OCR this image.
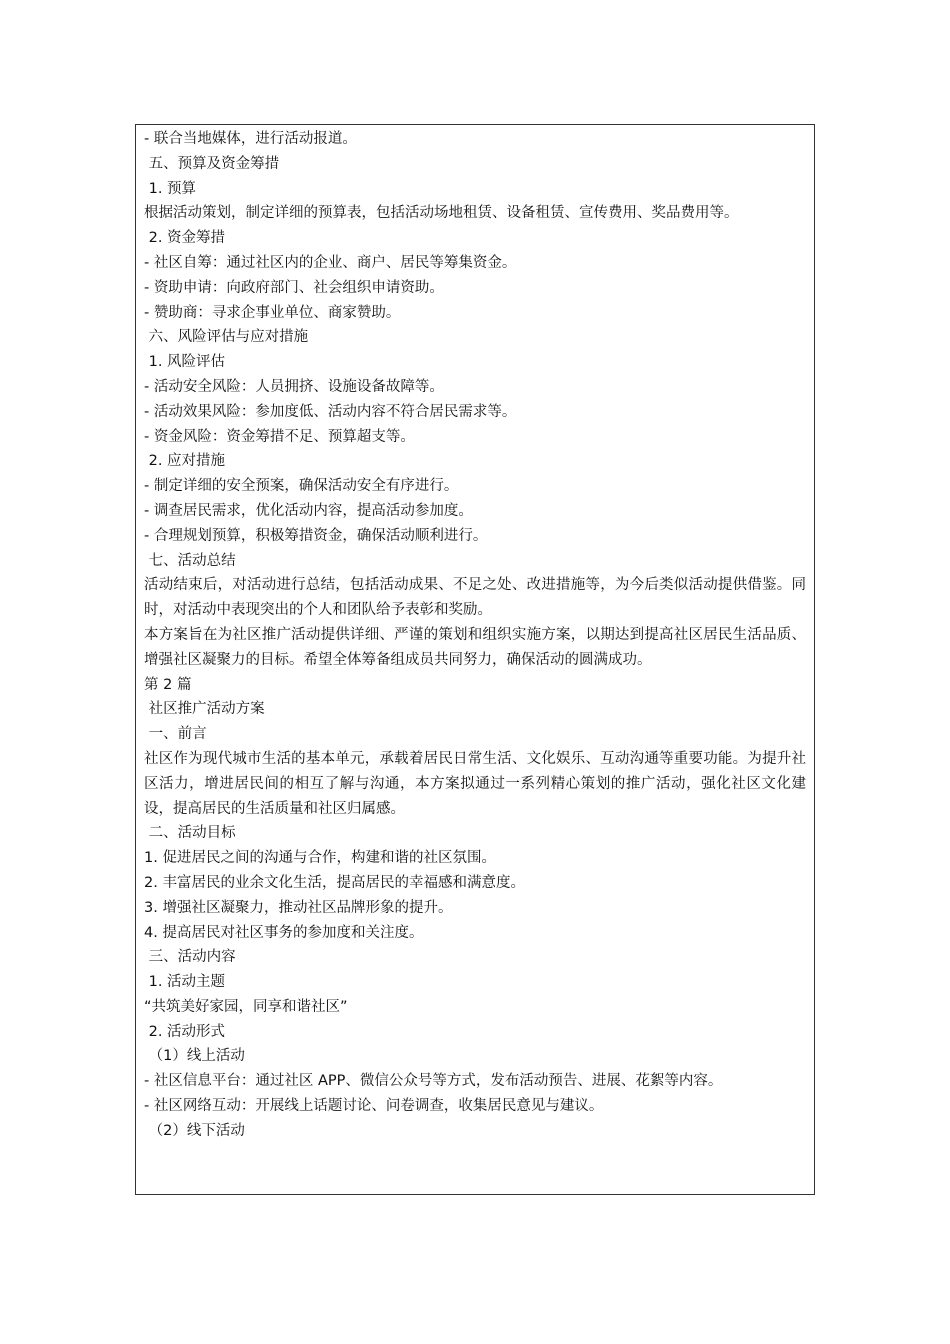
- 联合当地媒体，进行活动报道。
五、预算及资金筹措
1. 预算
根据活动策划，制定详细的预算表，包括活动场地租赁、设备租赁、宣传费用、奖品费用等。
2. 资金筹措
- 社区自筹：通过社区内的企业、商户、居民等筹集资金。
- 资助申请：向政府部门、社会组织申请资助。
- 赞助商：寻求企事业单位、商家赞助。
六、风险评估与应对措施
1. 风险评估
- 活动安全风险：人员拥挤、设施设备故障等。
- 活动效果风险：参加度低、活动内容不符合居民需求等。
- 资金风险：资金筹措不足、预算超支等。
2. 应对措施
- 制定详细的安全预案，确保活动安全有序进行。
- 调查居民需求，优化活动内容，提高活动参加度。
- 合理规划预算，积极筹措资金，确保活动顺利进行。
七、活动总结
活动结束后，对活动进行总结，包括活动成果、不足之处、改进措施等，为今后类似活动提供借鉴。同时，对活动中表现突出的个人和团队给予表彰和奖励。
本方案旨在为社区推广活动提供详细、严谨的策划和组织实施方案，以期达到提高社区居民生活品质、增强社区凝聚力的目标。希望全体筹备组成员共同努力，确保活动的圆满成功。
第 2 篇
社区推广活动方案
一、前言
社区作为现代城市生活的基本单元，承载着居民日常生活、文化娱乐、互动沟通等重要功能。为提升社区活力，增进居民间的相互了解与沟通，本方案拟通过一系列精心策划的推广活动，强化社区文化建设，提高居民的生活质量和社区归属感。
二、活动目标
1. 促进居民之间的沟通与合作，构建和谐的社区氛围。
2. 丰富居民的业余文化生活，提高居民的幸福感和满意度。
3. 增强社区凝聚力，推动社区品牌形象的提升。
4. 提高居民对社区事务的参加度和关注度。
三、活动内容
1. 活动主题
“共筑美好家园，同享和谐社区”
2. 活动形式
（1）线上活动
- 社区信息平台：通过社区 APP、微信公众号等方式，发布活动预告、进展、花絮等内容。
- 社区网络互动：开展线上话题讨论、问卷调查，收集居民意见与建议。
（2）线下活动
